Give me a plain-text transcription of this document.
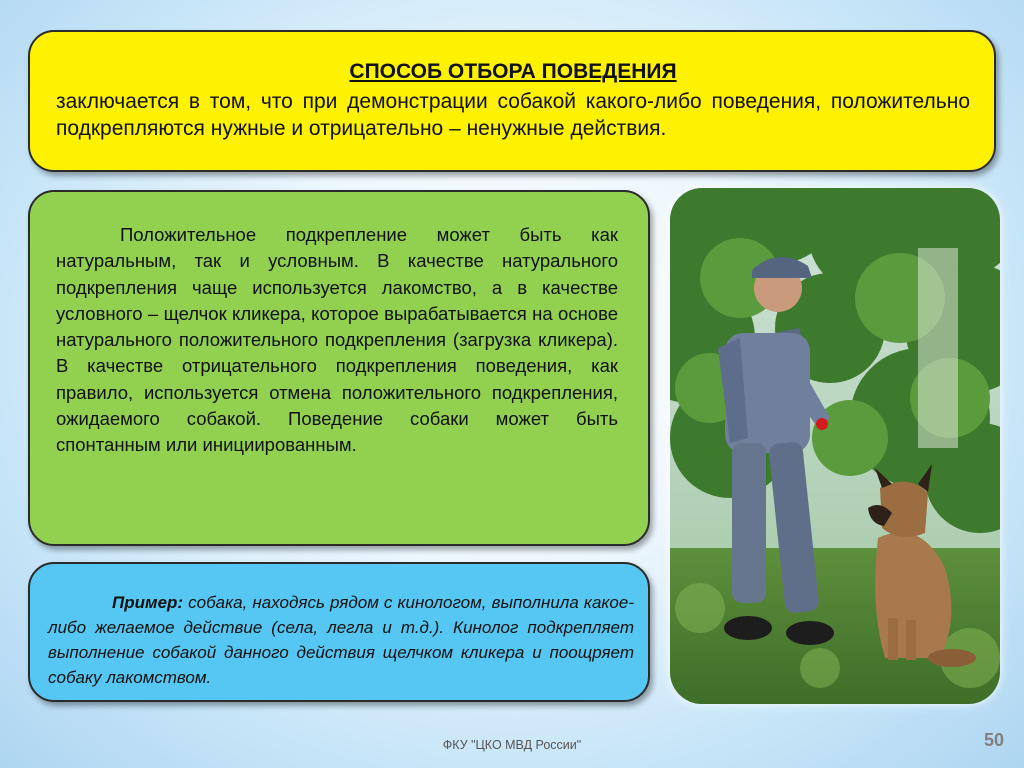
СПОСОБ ОТБОРА ПОВЕДЕНИЯ

заключается в том, что при демонстрации собакой какого-либо поведения, положительно подкрепляются нужные и отрицательно – ненужные действия.

Положительное подкрепление может быть как натуральным, так и условным. В качестве натурального подкрепления чаще используется лакомство, а в качестве условного – щелчок кликера, которое вырабатывается на основе натурального положительного подкрепления (загрузка кликера). В качестве отрицательного подкрепления поведения, как правило, используется отмена положительного подкрепления, ожидаемого собакой. Поведение собаки может быть спонтанным или инициированным.

Пример: собака, находясь рядом с кинологом, выполнила какое-либо желаемое действие (села, легла и т.д.). Кинолог подкрепляет выполнение собакой данного действия щелчком кликера и поощряет собаку лакомством.

ФКУ "ЦКО МВД России"	50
